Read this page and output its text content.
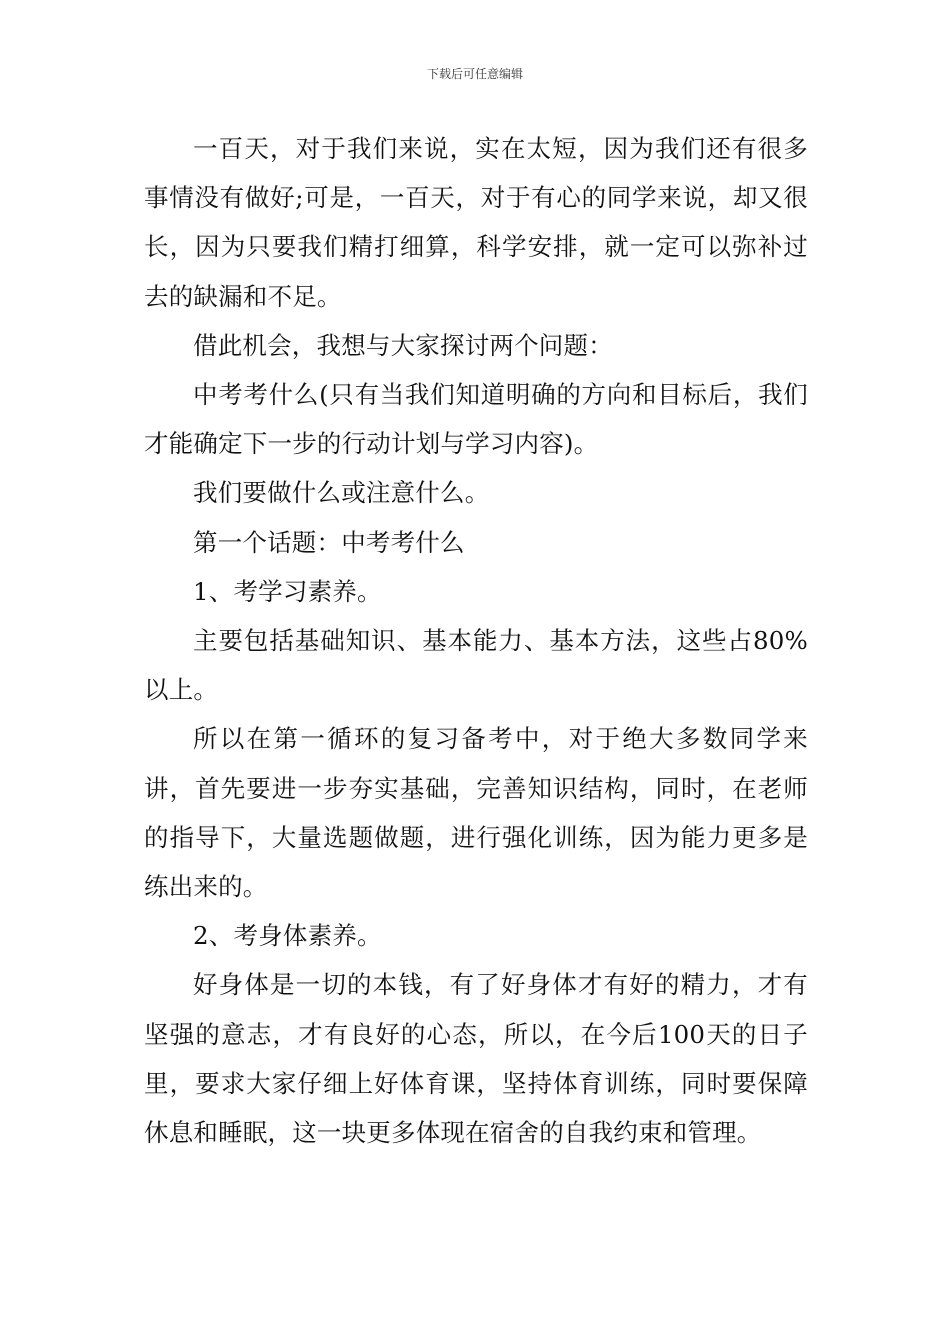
下载后可任意编辑

一百天，对于我们来说，实在太短，因为我们还有很多事情没有做好;可是，一百天，对于有心的同学来说，却又很长，因为只要我们精打细算，科学安排，就一定可以弥补过去的缺漏和不足。

借此机会，我想与大家探讨两个问题：

中考考什么(只有当我们知道明确的方向和目标后，我们才能确定下一步的行动计划与学习内容)。

我们要做什么或注意什么。

第一个话题：中考考什么

1、考学习素养。

主要包括基础知识、基本能力、基本方法，这些占80%以上。

所以在第一循环的复习备考中，对于绝大多数同学来讲，首先要进一步夯实基础，完善知识结构，同时，在老师的指导下，大量选题做题，进行强化训练，因为能力更多是练出来的。

2、考身体素养。

好身体是一切的本钱，有了好身体才有好的精力，才有坚强的意志，才有良好的心态，所以，在今后100天的日子里，要求大家仔细上好体育课，坚持体育训练，同时要保障休息和睡眠，这一块更多体现在宿舍的自我约束和管理。
